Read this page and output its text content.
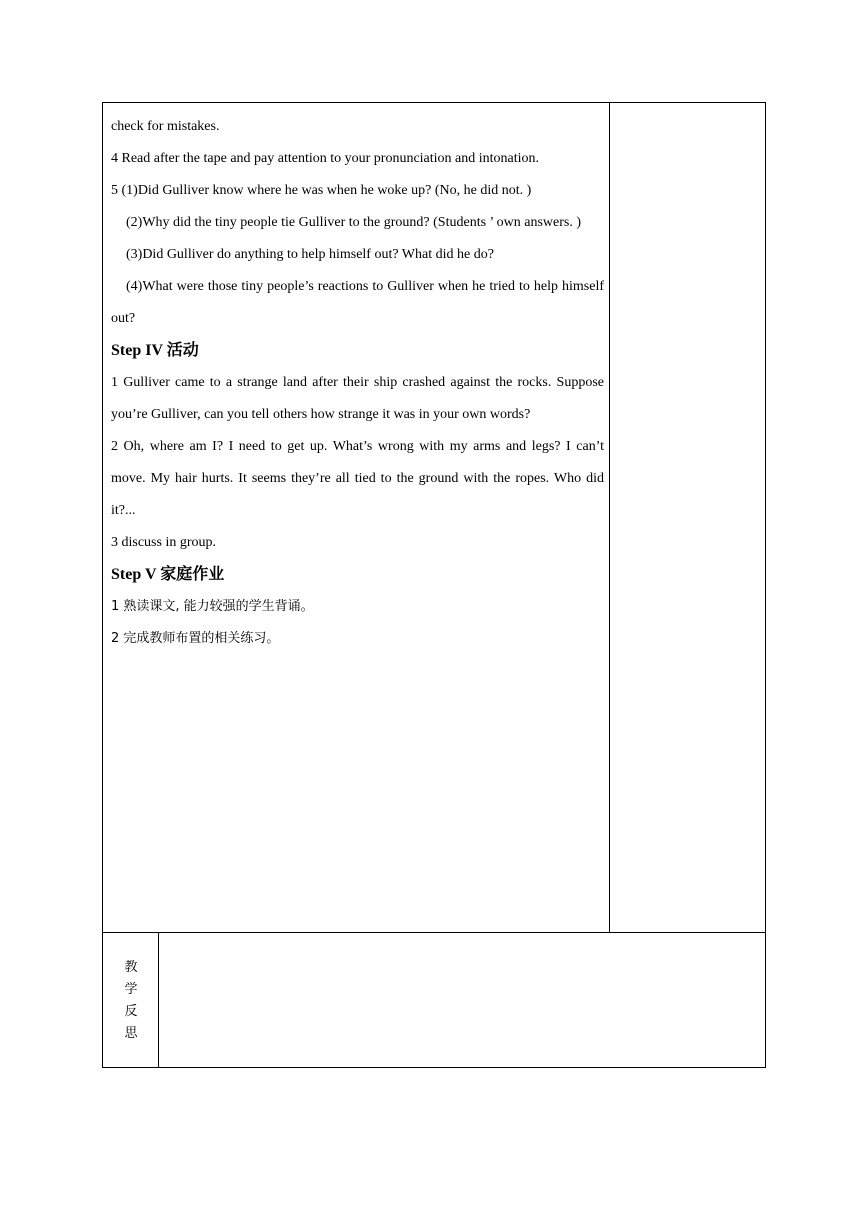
check for mistakes.

4 Read after the tape and pay attention to your pronunciation and intonation.

5 (1)Did Gulliver know where he was when he woke up? (No, he did not. )

(2)Why did the tiny people tie Gulliver to the ground? (Students ’ own answers. )

(3)Did Gulliver do anything to help himself out? What did he do?

(4)What were those tiny people’s reactions to Gulliver when he tried to help himself out?

Step IV 活动

1 Gulliver came to a strange land after their ship crashed against the rocks. Suppose you’re Gulliver, can you tell others how strange it was in your own words?

2 Oh, where am I? I need to get up. What’s wrong with my arms and legs? I can’t move. My hair hurts. It seems they’re all tied to the ground with the ropes. Who did it?...

3 discuss in group.

Step V 家庭作业

1 熟读课文, 能力较强的学生背诵。

2 完成教师布置的相关练习。

教
学
反
思
